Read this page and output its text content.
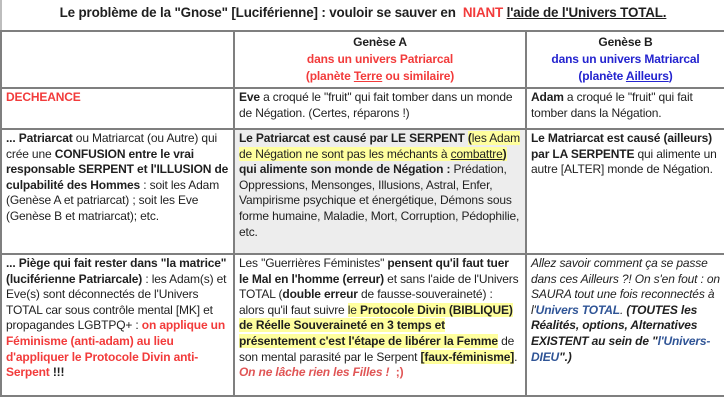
Le problème de la "Gnose" [Luciférienne] : vouloir se sauver en  NIANT l'aide de l'Univers TOTAL.
	Genèse A
dans un univers Patriarcal
(planète Terre ou similaire)	Genèse B
dans un univers Matriarcal
(planète Ailleurs)
DECHEANCE	Eve a croqué le "fruit" qui fait tomber dans un monde de Négation. (Certes, réparons !)	Adam a croqué le "fruit" qui fait tomber dans la Négation.
... Patriarcat ou Matriarcat (ou Autre) qui crée une CONFUSION entre le vrai responsable SERPENT et l'ILLUSION de culpabilité des Hommes : soit les Adam (Genèse A et patriarcat) ; soit les Eve (Genèse B et matriarcat); etc.	Le Patriarcat est causé par LE SERPENT (les Adam de Négation ne sont pas les méchants à combattre) qui alimente son monde de Négation : Prédation, Oppressions, Mensonges, Illusions, Astral, Enfer, Vampirisme psychique et énergétique, Démons sous forme humaine, Maladie, Mort, Corruption, Pédophilie, etc.	Le Matriarcat est causé (ailleurs) par LA SERPENTE qui alimente un autre [ALTER] monde de Négation.
... Piège qui fait rester dans "la matrice" (luciférienne Patriarcale) : les Adam(s) et Eve(s) sont déconnectés de l'Univers TOTAL car sous contrôle mental [MK] et propagandes LGBTPQ+ : on applique un Féminisme (anti-adam) au lieu d'appliquer le Protocole Divin anti-Serpent !!!	Les "Guerrières Féministes" pensent qu'il faut tuer le Mal en l'homme (erreur) et sans l'aide de l'Univers TOTAL (double erreur de fausse-souveraineté) : alors qu'il faut suivre le Protocole Divin (BIBLIQUE) de Réelle Souveraineté en 3 temps et présentement c'est l'étape de libérer la Femme de son mental parasité par le Serpent [faux-féminisme]. On ne lâche rien les Filles !  ;)	Allez savoir comment ça se passe dans ces Ailleurs ?! On s'en fout : on SAURA tout une fois reconnectés à l'Univers TOTAL. (TOUTES les Réalités, options, Alternatives EXISTENT au sein de "l'Univers-DIEU".)
